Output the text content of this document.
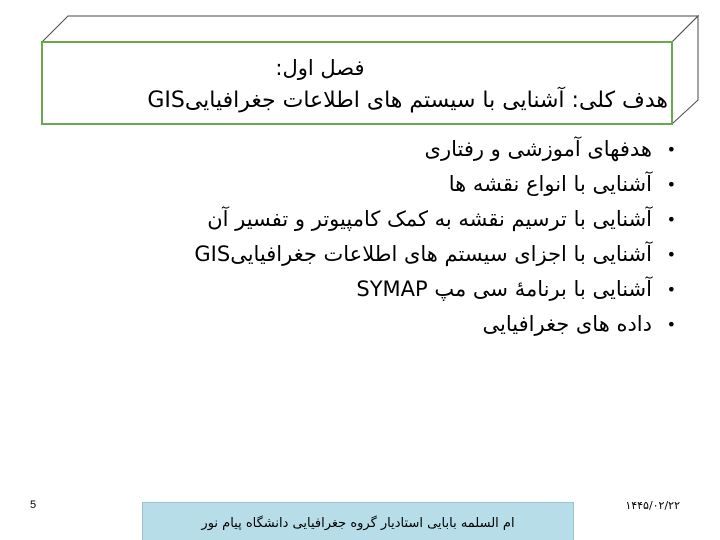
فصل اول:
هدف کلی: آشنایی با سیستم های اطلاعات جغرافیاییGIS
•
هدفهای آموزشی و رفتاری
•
آشنایی با انواع نقشه ها
•
آشنایی با ترسیم نقشه به کمک کامپیوتر و تفسیر آن
•
آشنایی با اجزای سیستم های اطلاعات جغرافیاییGIS
•
آشنایی با برنامۀ سی مپ SYMAP
•
داده های جغرافیایی
5
ام السلمه بابایی استادیار گروه جغرافیایی دانشگاه پیام نور
۱۴۴۵/۰۲/۲۲
